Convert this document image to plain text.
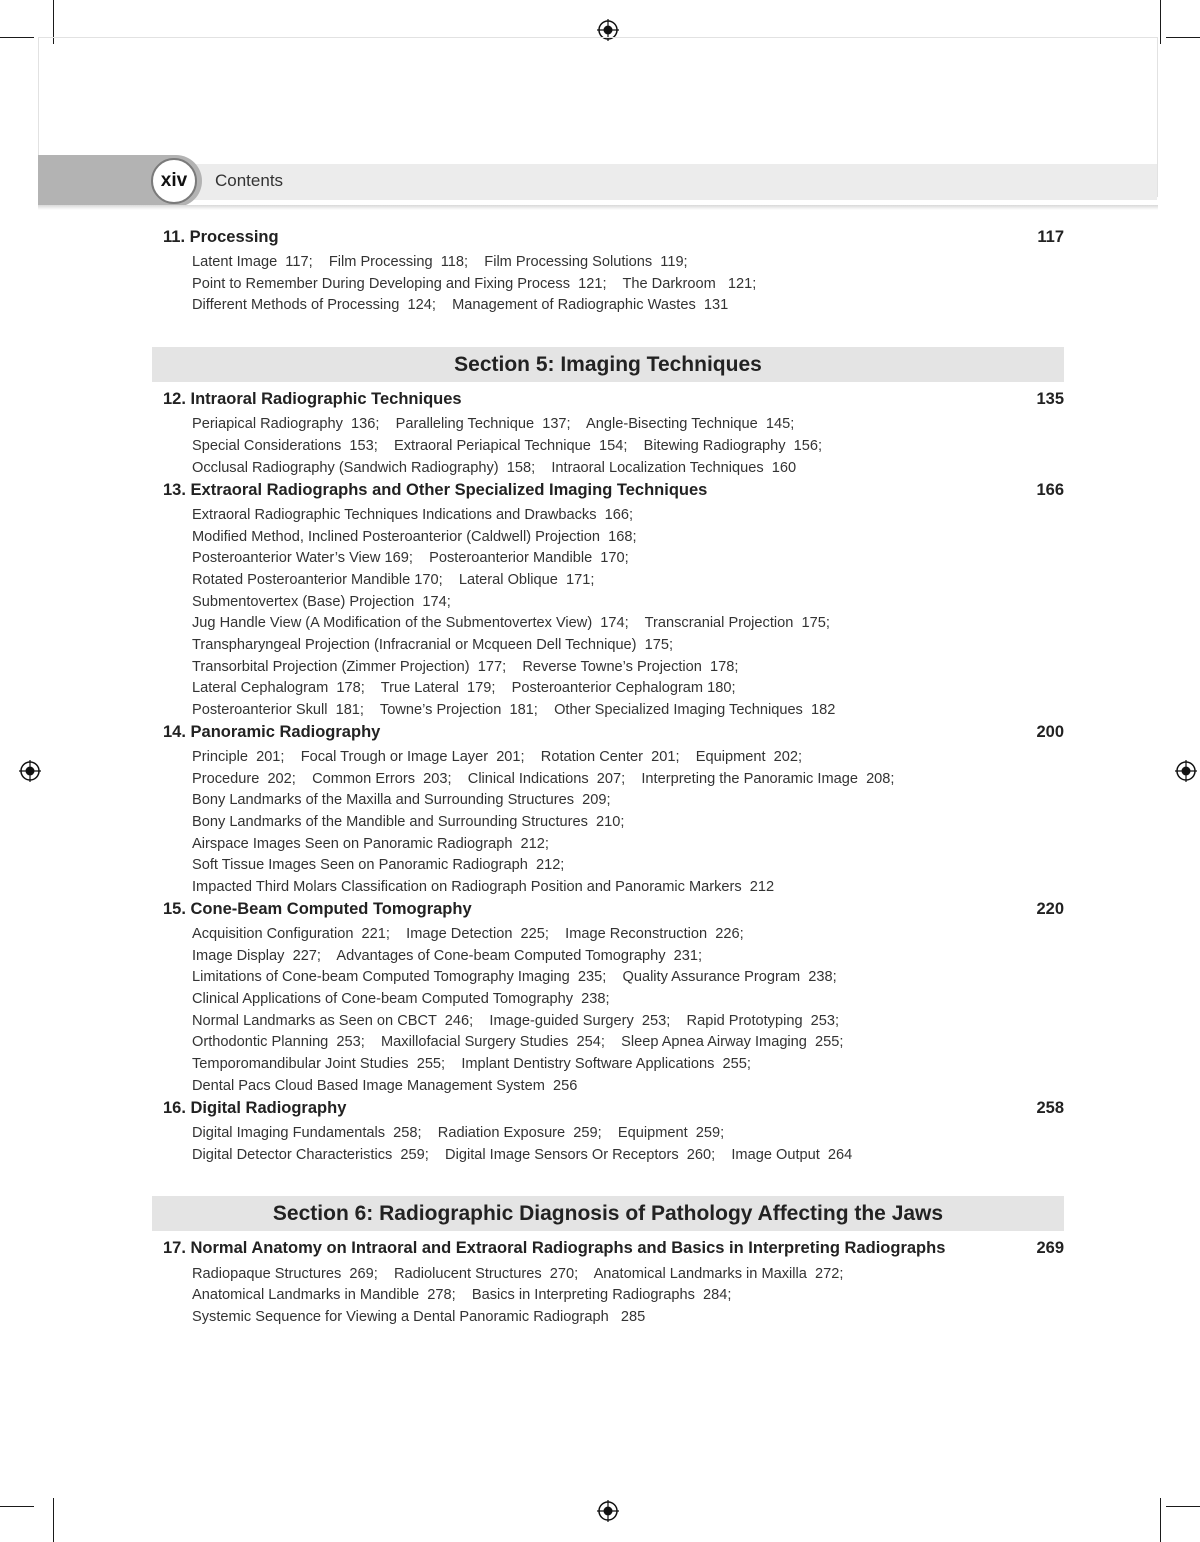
xiv	Contents
11. Processing	117
Latent Image  117;    Film Processing  118;    Film Processing Solutions  119;
Point to Remember During Developing and Fixing Process  121;    The Darkroom   121;
Different Methods of Processing  124;    Management of Radiographic Wastes  131
Section 5: Imaging Techniques
12. Intraoral Radiographic Techniques	135
Periapical Radiography  136;    Paralleling Technique  137;    Angle-Bisecting Technique  145;
Special Considerations  153;    Extraoral Periapical Technique  154;    Bitewing Radiography  156;
Occlusal Radiography (Sandwich Radiography)  158;    Intraoral Localization Techniques  160
13. Extraoral Radiographs and Other Specialized Imaging Techniques	166
Extraoral Radiographic Techniques Indications and Drawbacks  166;
Modified Method, Inclined Posteroanterior (Caldwell) Projection  168;
Posteroanterior Water’s View 169;    Posteroanterior Mandible  170;
Rotated Posteroanterior Mandible 170;    Lateral Oblique  171;
Submentovertex (Base) Projection  174;
Jug Handle View (A Modification of the Submentovertex View)  174;    Transcranial Projection  175;
Transpharyngeal Projection (Infracranial or Mcqueen Dell Technique)  175;
Transorbital Projection (Zimmer Projection)  177;    Reverse Towne’s Projection  178;
Lateral Cephalogram  178;    True Lateral  179;    Posteroanterior Cephalogram 180;
Posteroanterior Skull  181;    Towne’s Projection  181;    Other Specialized Imaging Techniques  182
14. Panoramic Radiography	200
Principle  201;    Focal Trough or Image Layer  201;    Rotation Center  201;    Equipment  202;
Procedure  202;    Common Errors  203;    Clinical Indications  207;    Interpreting the Panoramic Image  208;
Bony Landmarks of the Maxilla and Surrounding Structures  209;
Bony Landmarks of the Mandible and Surrounding Structures  210;
Airspace Images Seen on Panoramic Radiograph  212;
Soft Tissue Images Seen on Panoramic Radiograph  212;
Impacted Third Molars Classification on Radiograph Position and Panoramic Markers  212
15. Cone-Beam Computed Tomography	220
Acquisition Configuration  221;    Image Detection  225;    Image Reconstruction  226;
Image Display  227;    Advantages of Cone-beam Computed Tomography  231;
Limitations of Cone-beam Computed Tomography Imaging  235;    Quality Assurance Program  238;
Clinical Applications of Cone-beam Computed Tomography  238;
Normal Landmarks as Seen on CBCT  246;    Image-guided Surgery  253;    Rapid Prototyping  253;
Orthodontic Planning  253;    Maxillofacial Surgery Studies  254;    Sleep Apnea Airway Imaging  255;
Temporomandibular Joint Studies  255;    Implant Dentistry Software Applications  255;
Dental Pacs Cloud Based Image Management System  256
16. Digital Radiography	258
Digital Imaging Fundamentals  258;    Radiation Exposure  259;    Equipment  259;
Digital Detector Characteristics  259;    Digital Image Sensors Or Receptors  260;    Image Output  264
Section 6: Radiographic Diagnosis of Pathology Affecting the Jaws
17. Normal Anatomy on Intraoral and Extraoral Radiographs and Basics in Interpreting Radiographs	269
Radiopaque Structures  269;    Radiolucent Structures  270;    Anatomical Landmarks in Maxilla  272;
Anatomical Landmarks in Mandible  278;    Basics in Interpreting Radiographs  284;
Systemic Sequence for Viewing a Dental Panoramic Radiograph   285
